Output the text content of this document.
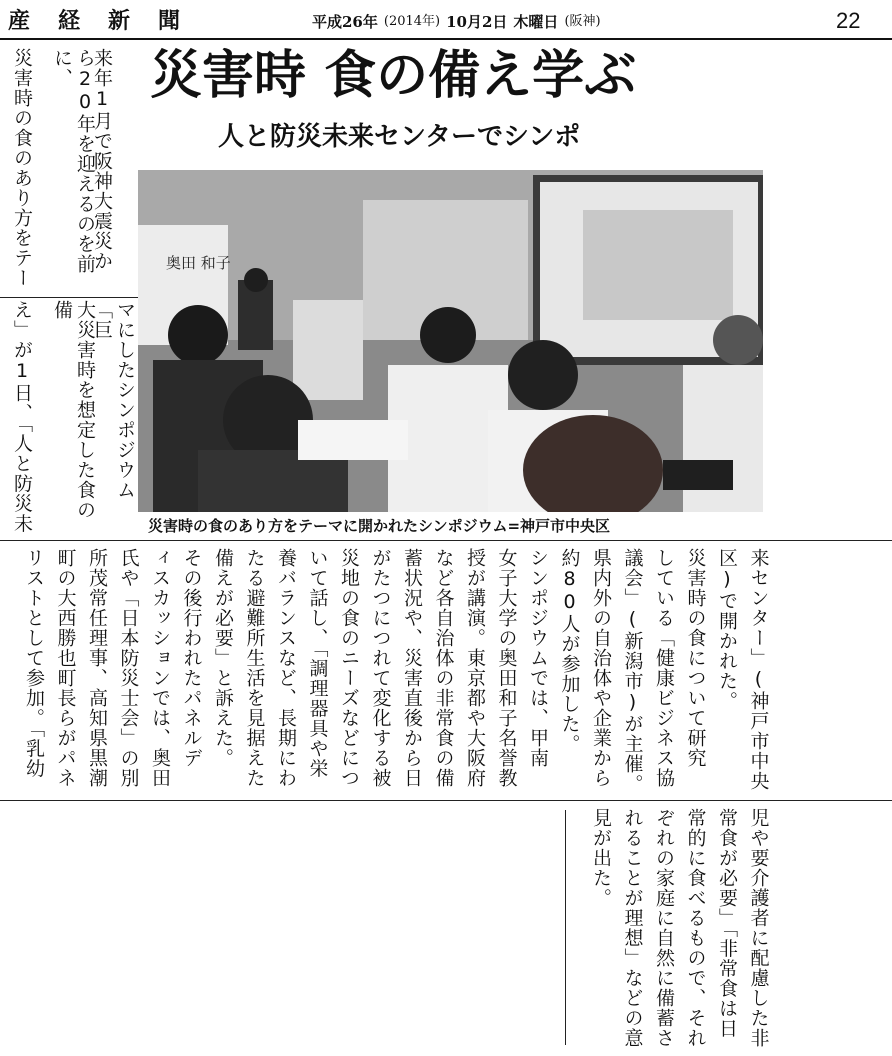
産経新聞	平成26年 (2014年) 10月2日 木曜日 (阪神)	22
災害時 食の備え学ぶ
人と防災未来センターでシンポ
来年1月で阪神大震災か
ら20年を迎えるのを前に、
災害時の食のあり方をテー
マにしたシンポジウム「巨
大災害時を想定した食の備
え」が1日、「人と防災未
奥田 和子
災害時の食のあり方をテーマに開かれたシンポジウム=神戸市中央区
来センター」(神戸市中央
区)で開かれた。
災害時の食について研究
している「健康ビジネス協
議会」(新潟市)が主催。
県内外の自治体や企業から
約80人が参加した。
シンポジウムでは、甲南
女子大学の奥田和子名誉教
授が講演。東京都や大阪府
など各自治体の非常食の備
蓄状況や、災害直後から日
がたつにつれて変化する被
災地の食のニーズなどにつ
いて話し、「調理器具や栄
養バランスなど、長期にわ
たる避難所生活を見据えた
備えが必要」と訴えた。
その後行われたパネルデ
ィスカッションでは、奥田
氏や「日本防災士会」の別
所茂常任理事、高知県黒潮
町の大西勝也町長らがパネ
リストとして参加。「乳幼
児や要介護者に配慮した非
常食が必要」「非常食は日
常的に食べるもので、それ
ぞれの家庭に自然に備蓄さ
れることが理想」などの意
見が出た。
